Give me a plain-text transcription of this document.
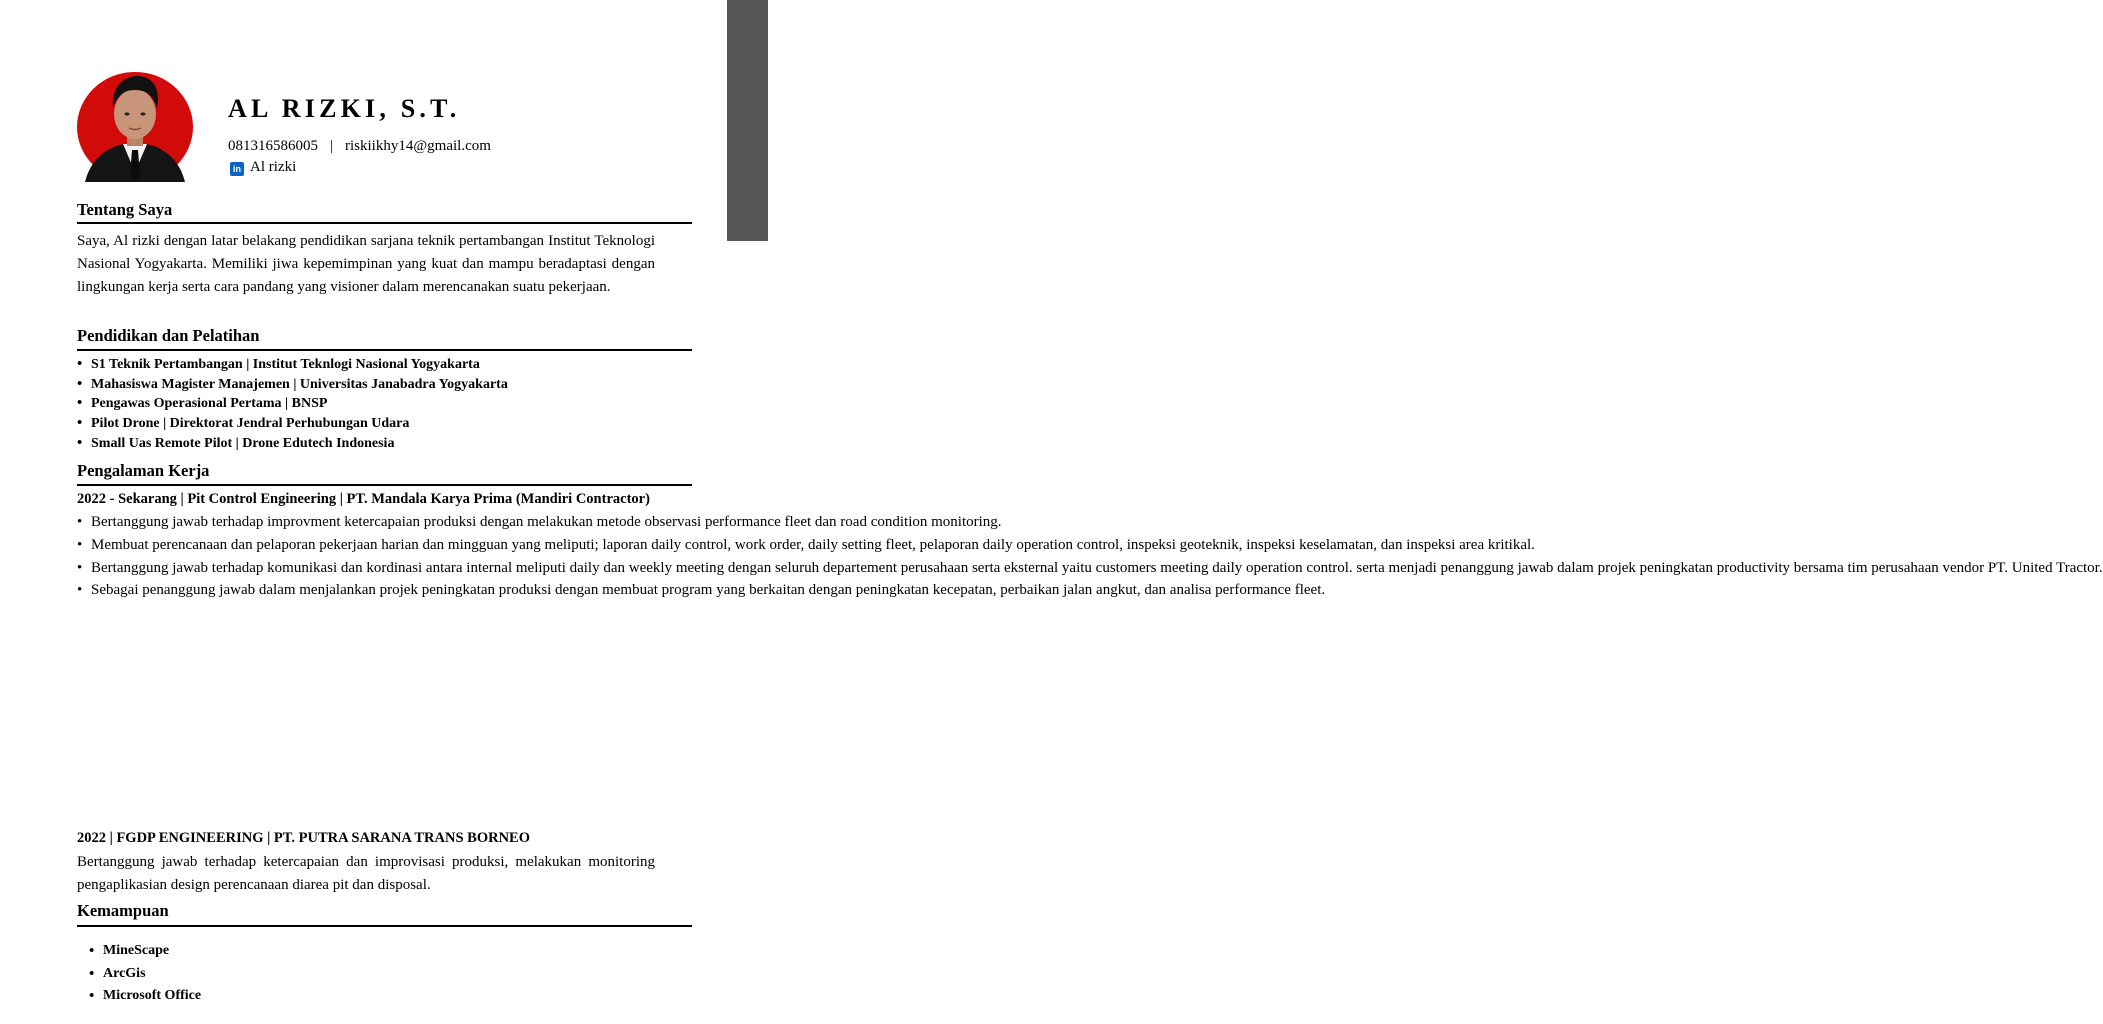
AL RIZKI, S.T.
081316586005 | riskiikhy14@gmail.com
in Al rizki
Tentang Saya
Saya, Al rizki dengan latar belakang pendidikan sarjana teknik pertambangan Institut Teknologi Nasional Yogyakarta. Memiliki jiwa kepemimpinan yang kuat dan mampu beradaptasi dengan lingkungan kerja serta cara pandang yang visioner dalam merencanakan suatu pekerjaan.
Pendidikan dan Pelatihan
• S1 Teknik Pertambangan | Institut Teknlogi Nasional Yogyakarta
• Mahasiswa Magister Manajemen | Universitas Janabadra Yogyakarta
• Pengawas Operasional Pertama | BNSP
• Pilot Drone | Direktorat Jendral Perhubungan Udara
• Small Uas Remote Pilot | Drone Edutech Indonesia
Pengalaman Kerja
2022 - Sekarang | Pit Control Engineering | PT. Mandala Karya Prima (Mandiri Contractor)
• Bertanggung jawab terhadap improvment ketercapaian produksi dengan melakukan metode observasi performance fleet dan road condition monitoring.
• Membuat perencanaan dan pelaporan pekerjaan harian dan mingguan yang meliputi; laporan daily control, work order, daily setting fleet, pelaporan daily operation control, inspeksi geoteknik, inspeksi keselamatan, dan inspeksi area kritikal.
• Bertanggung jawab terhadap komunikasi dan kordinasi antara internal meliputi daily dan weekly meeting dengan seluruh departement perusahaan serta eksternal yaitu customers meeting daily operation control. serta menjadi penanggung jawab dalam projek peningkatan productivity bersama tim perusahaan vendor PT. United Tractor.
• Sebagai penanggung jawab dalam menjalankan projek peningkatan produksi dengan membuat program yang berkaitan dengan peningkatan kecepatan, perbaikan jalan angkut, dan analisa performance fleet.
2022 | FGDP ENGINEERING | PT. PUTRA SARANA TRANS BORNEO
Bertanggung jawab terhadap ketercapaian dan improvisasi produksi, melakukan monitoring pengaplikasian design perencanaan diarea pit dan disposal.
Kemampuan
• MineScape
• ArcGis
• Microsoft Office
